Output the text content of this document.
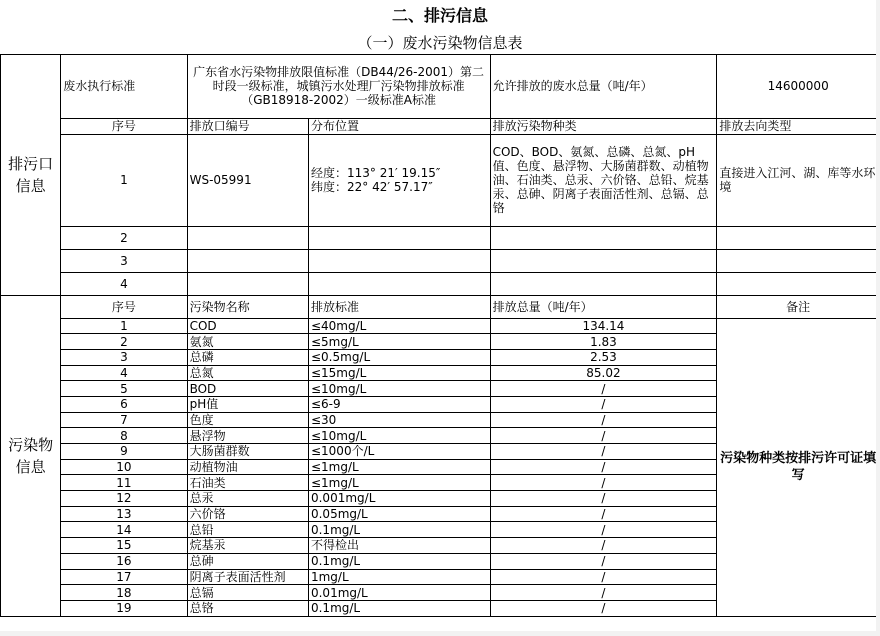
二、排污信息					
（一）废水污染物信息表					
排污口信息	废水执行标准	广东省水污染物排放限值标准（DB44/26-2001）第二时段一级标准，城镇污水处理厂污染物排放标准（GB18918-2002）一级标准A标准		允许排放的废水总量（吨/年）	14600000
	序号	排放口编号	分布位置	排放污染物种类	排放去向类型
	1	WS-05991	经度：113° 21′ 19.15″
纬度：22° 42′ 57.17″	COD、BOD、氨氮、总磷、总氮、pH值、色度、悬浮物、大肠菌群数、动植物油、石油类、总汞、六价铬、总铅、烷基汞、总砷、阴离子表面活性剂、总镉、总铬	直接进入江河、湖、库等水环境
	2				
	3				
	4				
污染物信息	序号	污染物名称	排放标准	排放总量（吨/年）	备注
	1	COD	≤40mg/L	134.14	污染物种类按排污许可证填写
	2	氨氮	≤5mg/L	1.83	
	3	总磷	≤0.5mg/L	2.53	
	4	总氮	≤15mg/L	85.02	
	5	BOD	≤10mg/L	/	
	6	pH值	≤6-9	/	
	7	色度	≤30	/	
	8	悬浮物	≤10mg/L	/	
	9	大肠菌群数	≤1000个/L	/	
	10	动植物油	≤1mg/L	/	
	11	石油类	≤1mg/L	/	
	12	总汞	0.001mg/L	/	
	13	六价铬	0.05mg/L	/	
	14	总铅	0.1mg/L	/	
	15	烷基汞	不得检出	/	
	16	总砷	0.1mg/L	/	
	17	阴离子表面活性剂	1mg/L	/	
	18	总镉	0.01mg/L	/	
	19	总铬	0.1mg/L	/	
